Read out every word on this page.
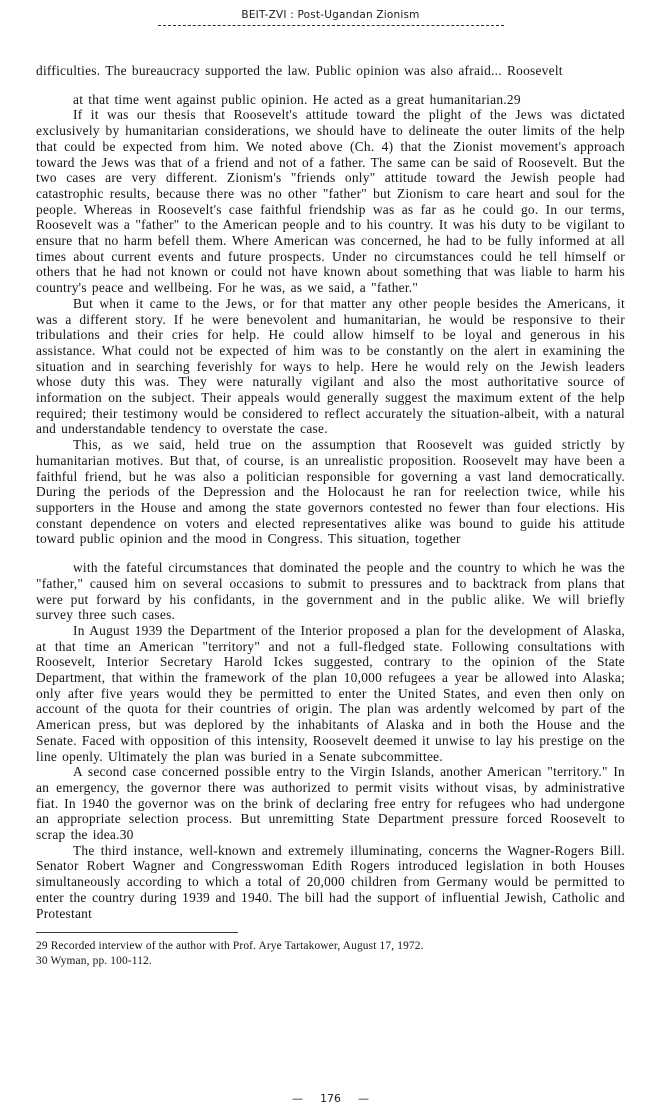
BEIT-ZVI : Post-Ugandan Zionism

difficulties. The bureaucracy supported the law. Public opinion was also afraid... Roosevelt

at that time went against public opinion. He acted as a great humanitarian.29

If it was our thesis that Roosevelt's attitude toward the plight of the Jews was dictated exclusively by humanitarian considerations, we should have to delineate the outer limits of the help that could be expected from him. We noted above (Ch. 4) that the Zionist movement's approach toward the Jews was that of a friend and not of a father. The same can be said of Roosevelt. But the two cases are very different. Zionism's "friends only" attitude toward the Jewish people had catastrophic results, because there was no other "father" but Zionism to care heart and soul for the people. Whereas in Roosevelt's case faithful friendship was as far as he could go. In our terms, Roosevelt was a "father" to the American people and to his country. It was his duty to be vigilant to ensure that no harm befell them. Where American was concerned, he had to be fully informed at all times about current events and future prospects. Under no circumstances could he tell himself or others that he had not known or could not have known about something that was liable to harm his country's peace and wellbeing. For he was, as we said, a "father."

But when it came to the Jews, or for that matter any other people besides the Americans, it was a different story. If he were benevolent and humanitarian, he would be responsive to their tribulations and their cries for help. He could allow himself to be loyal and generous in his assistance. What could not be expected of him was to be constantly on the alert in examining the situation and in searching feverishly for ways to help. Here he would rely on the Jewish leaders whose duty this was. They were naturally vigilant and also the most authoritative source of information on the subject. Their appeals would generally suggest the maximum extent of the help required; their testimony would be considered to reflect accurately the situation-albeit, with a natural and understandable tendency to overstate the case.

This, as we said, held true on the assumption that Roosevelt was guided strictly by humanitarian motives. But that, of course, is an unrealistic proposition. Roosevelt may have been a faithful friend, but he was also a politician responsible for governing a vast land democratically. During the periods of the Depression and the Holocaust he ran for reelection twice, while his supporters in the House and among the state governors contested no fewer than four elections. His constant dependence on voters and elected representatives alike was bound to guide his attitude toward public opinion and the mood in Congress. This situation, together

with the fateful circumstances that dominated the people and the country to which he was the "father," caused him on several occasions to submit to pressures and to backtrack from plans that were put forward by his confidants, in the government and in the public alike. We will briefly survey three such cases.

In August 1939 the Department of the Interior proposed a plan for the development of Alaska, at that time an American "territory" and not a full-fledged state. Following consultations with Roosevelt, Interior Secretary Harold Ickes suggested, contrary to the opinion of the State Department, that within the framework of the plan 10,000 refugees a year be allowed into Alaska; only after five years would they be permitted to enter the United States, and even then only on account of the quota for their countries of origin. The plan was ardently welcomed by part of the American press, but was deplored by the inhabitants of Alaska and in both the House and the Senate. Faced with opposition of this intensity, Roosevelt deemed it unwise to lay his prestige on the line openly. Ultimately the plan was buried in a Senate subcommittee.

A second case concerned possible entry to the Virgin Islands, another American "territory." In an emergency, the governor there was authorized to permit visits without visas, by administrative fiat. In 1940 the governor was on the brink of declaring free entry for refugees who had undergone an appropriate selection process. But unremitting State Department pressure forced Roosevelt to scrap the idea.30

The third instance, well-known and extremely illuminating, concerns the Wagner-Rogers Bill. Senator Robert Wagner and Congresswoman Edith Rogers introduced legislation in both Houses simultaneously according to which a total of 20,000 children from Germany would be permitted to enter the country during 1939 and 1940. The bill had the support of influential Jewish, Catholic and Protestant

29 Recorded interview of the author with Prof. Arye Tartakower, August 17, 1972.

30 Wyman, pp. 100-112.

— 176 —
